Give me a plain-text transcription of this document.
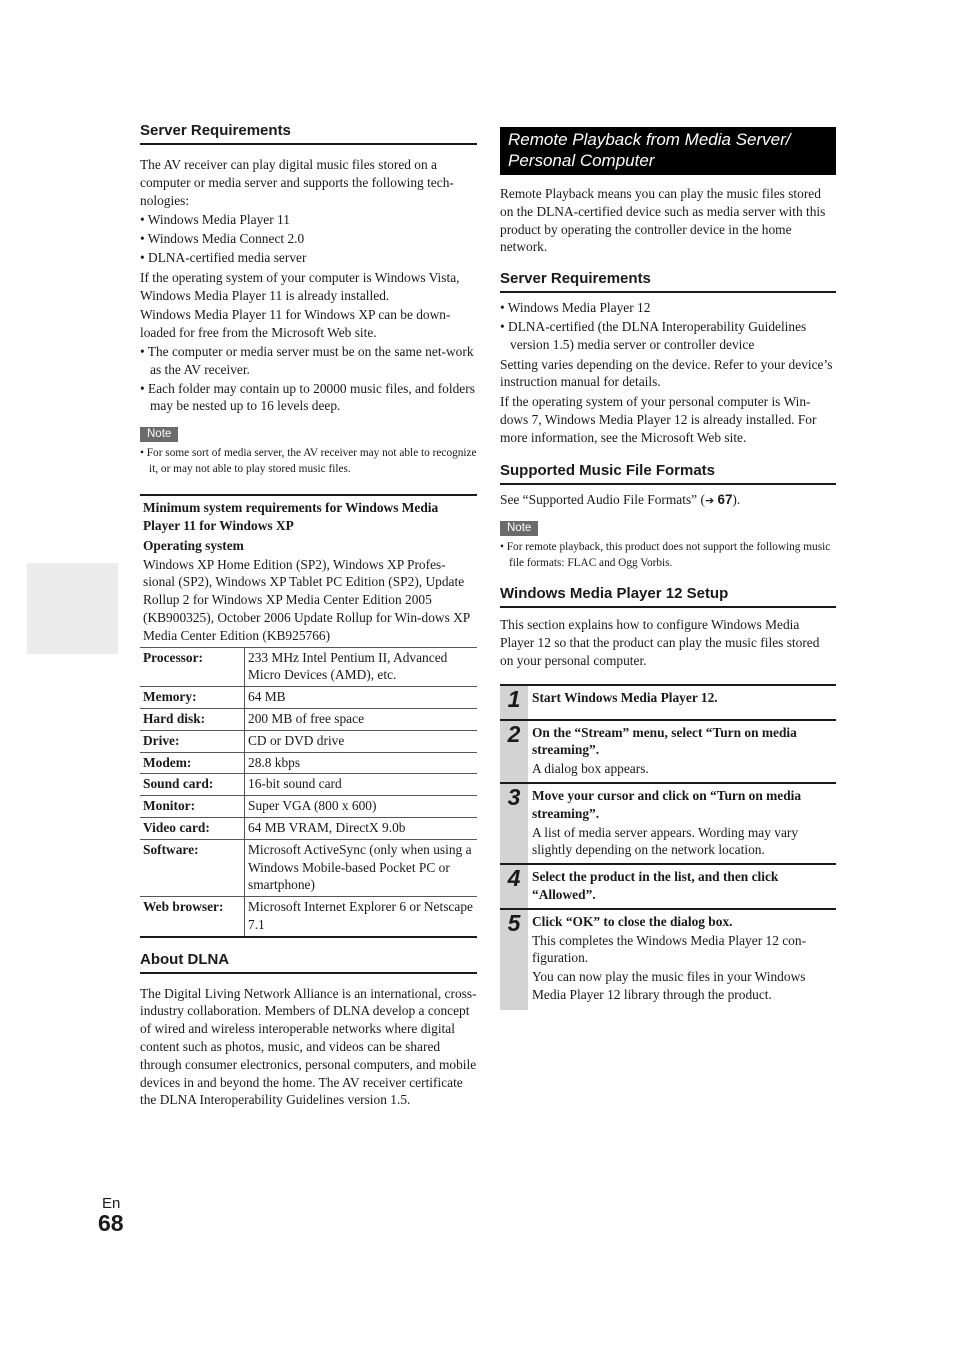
Server Requirements

The AV receiver can play digital music files stored on a computer or media server and supports the following tech-nologies:

• Windows Media Player 11
• Windows Media Connect 2.0
• DLNA-certified media server

If the operating system of your computer is Windows Vista, Windows Media Player 11 is already installed.

Windows Media Player 11 for Windows XP can be down-loaded for free from the Microsoft Web site.

• The computer or media server must be on the same net-work as the AV receiver.
• Each folder may contain up to 20000 music files, and folders may be nested up to 16 levels deep.
Note
• For some sort of media server, the AV receiver may not able to recognize it, or may not able to play stored music files.

Minimum system requirements for Windows Media Player 11 for Windows XP

Operating system

Windows XP Home Edition (SP2), Windows XP Profes-sional (SP2), Windows XP Tablet PC Edition (SP2), Update Rollup 2 for Windows XP Media Center Edition 2005 (KB900325), October 2006 Update Rollup for Win-dows XP Media Center Edition (KB925766)

Processor:	233 MHz Intel Pentium II, Advanced Micro Devices (AMD), etc.
Memory:	64 MB
Hard disk:	200 MB of free space
Drive:	CD or DVD drive
Modem:	28.8 kbps
Sound card:	16-bit sound card
Monitor:	Super VGA (800 x 600)
Video card:	64 MB VRAM, DirectX 9.0b
Software:	Microsoft ActiveSync (only when using a Windows Mobile-based Pocket PC or smartphone)
Web browser:	Microsoft Internet Explorer 6 or Netscape 7.1
About DLNA

The Digital Living Network Alliance is an international, cross-industry collaboration. Members of DLNA develop a concept of wired and wireless interoperable networks where digital content such as photos, music, and videos can be shared through consumer electronics, personal computers, and mobile devices in and beyond the home. The AV receiver certificate the DLNA Interoperability Guidelines version 1.5.

Remote Playback from Media Server/ Personal Computer

Remote Playback means you can play the music files stored on the DLNA-certified device such as media server with this product by operating the controller device in the home network.

Server Requirements
• Windows Media Player 12
• DLNA-certified (the DLNA Interoperability Guidelines version 1.5) media server or controller device

Setting varies depending on the device. Refer to your device’s instruction manual for details.

If the operating system of your personal computer is Win-dows 7, Windows Media Player 12 is already installed. For more information, see the Microsoft Web site.

Supported Music File Formats

See “Supported Audio File Formats” (➔ 67).

Note
• For remote playback, this product does not support the following music file formats: FLAC and Ogg Vorbis.
Windows Media Player 12 Setup

This section explains how to configure Windows Media Player 12 so that the product can play the music files stored on your personal computer.

1 Start Windows Media Player 12.
2 On the “Stream” menu, select “Turn on media streaming”.

A dialog box appears.

3 Move your cursor and click on “Turn on media streaming”.

A list of media server appears. Wording may vary slightly depending on the network location.

4 Select the product in the list, and then click “Allowed”.
5 Click “OK” to close the dialog box.

This completes the Windows Media Player 12 con-figuration.

You can now play the music files in your Windows Media Player 12 library through the product.

En
68
